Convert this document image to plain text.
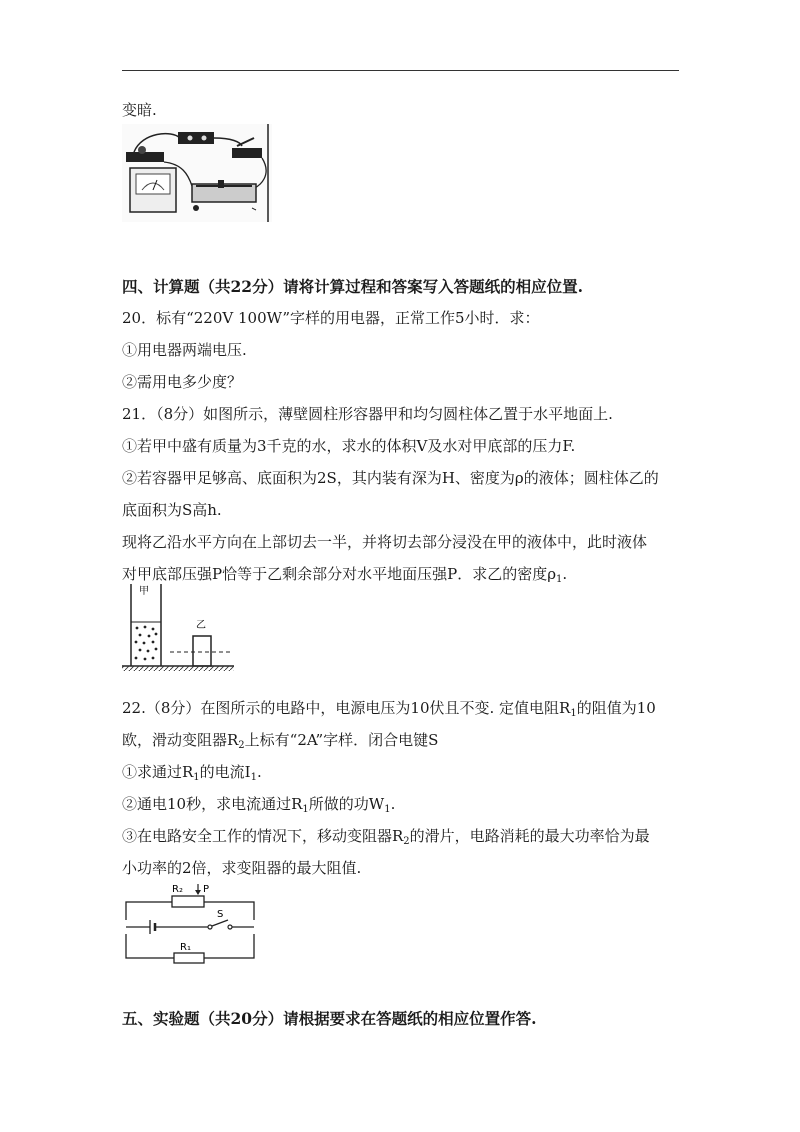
变暗.
四、计算题（共22分）请将计算过程和答案写入答题纸的相应位置.
20．标有“220V 100W”字样的用电器，正常工作5小时．求：
①用电器两端电压.
②需用电多少度？
21．（8分）如图所示，薄壁圆柱形容器甲和均匀圆柱体乙置于水平地面上.
①若甲中盛有质量为3千克的水，求水的体积V及水对甲底部的压力F.
②若容器甲足够高、底面积为2S，其内装有深为H、密度为ρ的液体；圆柱体乙的
底面积为S高h.
现将乙沿水平方向在上部切去一半，并将切去部分浸没在甲的液体中，此时液体
对甲底部压强P恰等于乙剩余部分对水平地面压强P．求乙的密度$\rho_1$.
甲
乙
22.（8分）在图所示的电路中，电源电压为10伏且不变. 定值电阻$R_1$的阻值为10
欧，滑动变阻器$R_2$上标有“2A”字样．闭合电键S
①求通过$R_1$的电流$I_1$.
②通电10秒，求电流通过$R_1$所做的功$W_1$.
③在电路安全工作的情况下，移动变阻器$R_2$的滑片，电路消耗的最大功率恰为最
小功率的2倍，求变阻器的最大阻值.
R₂ P
S
R₁
五、实验题（共20分）请根据要求在答题纸的相应位置作答.
